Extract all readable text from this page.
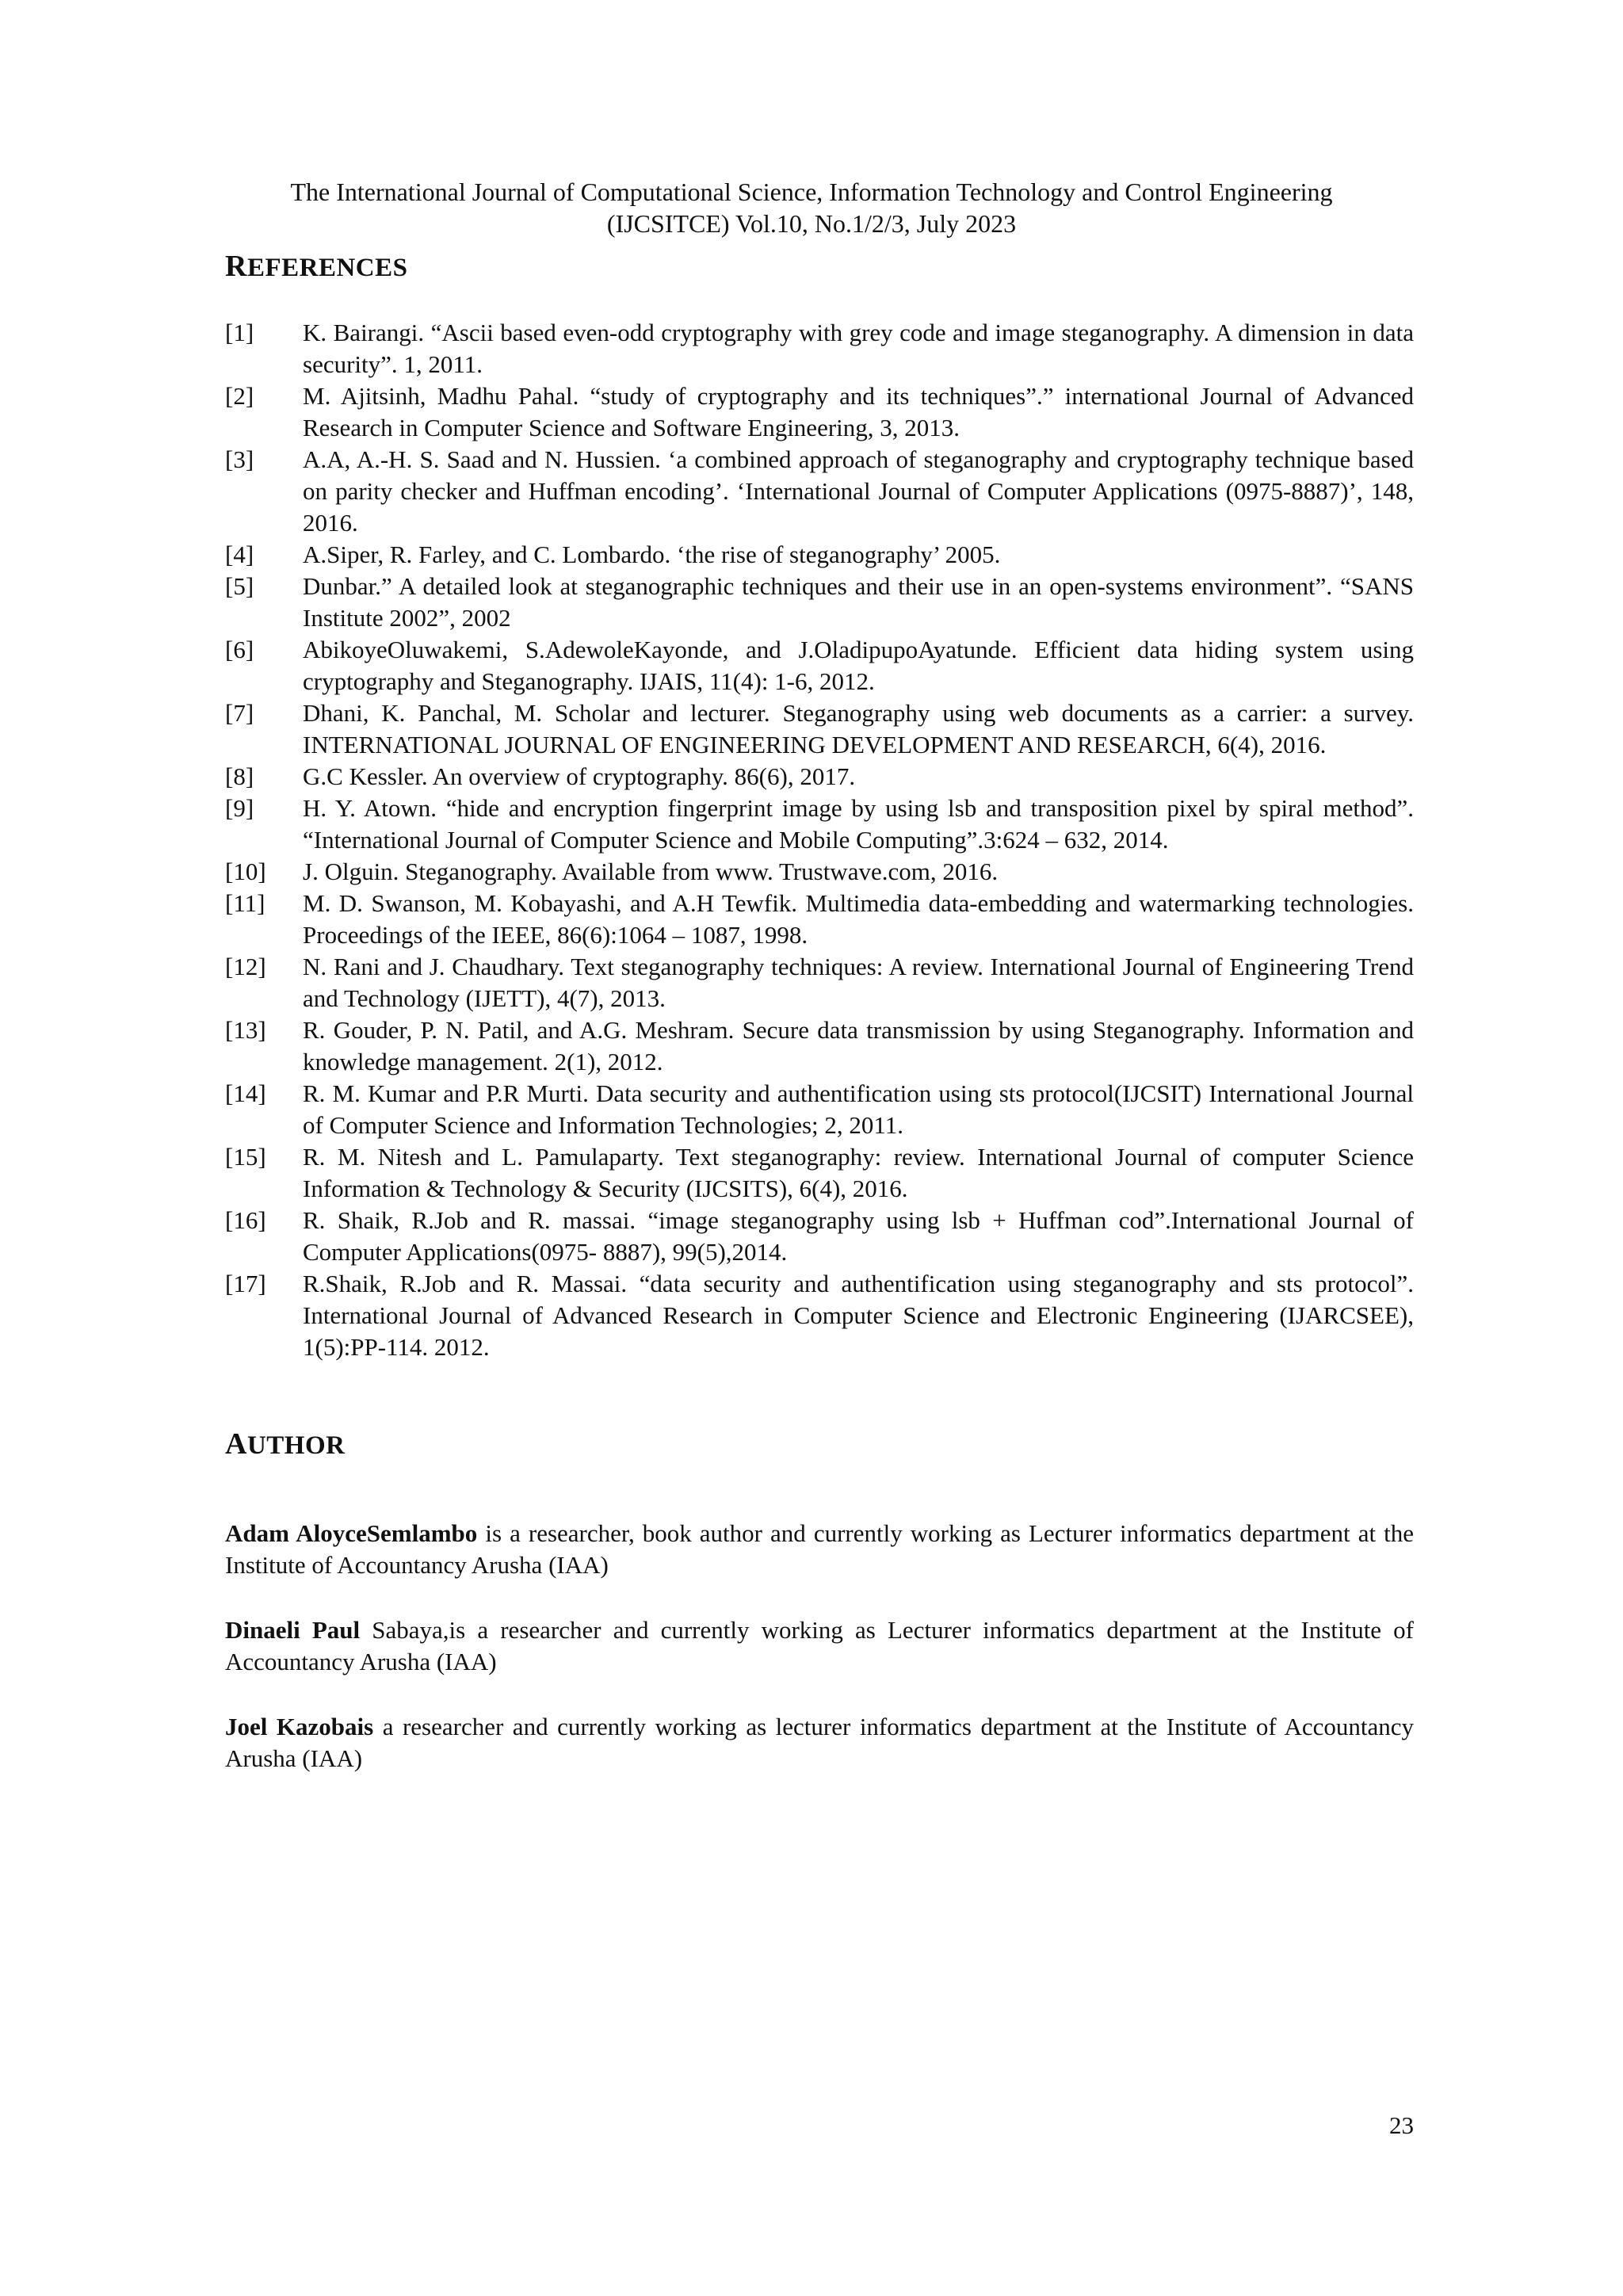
The International Journal of Computational Science, Information Technology and Control Engineering
(IJCSITCE) Vol.10, No.1/2/3, July 2023
REFERENCES
[1]	K. Bairangi. “Ascii based even-odd cryptography with grey code and image steganography. A dimension in data security”. 1, 2011.
[2]	M. Ajitsinh, Madhu Pahal. “study of cryptography and its techniques”.” international Journal of Advanced Research in Computer Science and Software Engineering, 3, 2013.
[3]	A.A, A.-H. S. Saad and N. Hussien. ‘a combined approach of steganography and cryptography technique based on parity checker and Huffman encoding’. ‘International Journal of Computer Applications (0975-8887)’, 148, 2016.
[4]	A.Siper, R. Farley, and C. Lombardo. ‘the rise of steganography’ 2005.
[5]	Dunbar.” A detailed look at steganographic techniques and their use in an open-systems environment”. “SANS Institute 2002”, 2002
[6]	AbikoyeOluwakemi, S.AdewoleKayonde, and J.OladipupoAyatunde. Efficient data hiding system using cryptography and Steganography. IJAIS, 11(4): 1-6, 2012.
[7]	Dhani, K. Panchal, M. Scholar and lecturer. Steganography using web documents as a carrier: a survey. INTERNATIONAL JOURNAL OF ENGINEERING DEVELOPMENT AND RESEARCH, 6(4), 2016.
[8]	G.C Kessler. An overview of cryptography. 86(6), 2017.
[9]	H. Y. Atown. “hide and encryption fingerprint image by using lsb and transposition pixel by spiral method”. “International Journal of Computer Science and Mobile Computing”.3:624 – 632, 2014.
[10]	J. Olguin. Steganography. Available from www. Trustwave.com, 2016.
[11]	M. D. Swanson, M. Kobayashi, and A.H Tewfik. Multimedia data-embedding and watermarking technologies. Proceedings of the IEEE, 86(6):1064 – 1087, 1998.
[12]	N. Rani and J. Chaudhary. Text steganography techniques: A review. International Journal of Engineering Trend and Technology (IJETT), 4(7), 2013.
[13]	R. Gouder, P. N. Patil, and A.G. Meshram. Secure data transmission by using Steganography. Information and knowledge management. 2(1), 2012.
[14]	R. M. Kumar and P.R Murti. Data security and authentification using sts protocol(IJCSIT) International Journal of Computer Science and Information Technologies; 2, 2011.
[15]	R. M. Nitesh and L. Pamulaparty. Text steganography: review. International Journal of computer Science Information & Technology & Security (IJCSITS), 6(4), 2016.
[16]	R. Shaik, R.Job and R. massai. “image steganography using lsb + Huffman cod”.International Journal of Computer Applications(0975- 8887), 99(5),2014.
[17]	R.Shaik, R.Job and R. Massai. “data security and authentification using steganography and sts protocol”. International Journal of Advanced Research in Computer Science and Electronic Engineering (IJARCSEE), 1(5):PP-114. 2012.
AUTHOR

Adam AloyceSemlambo is a researcher, book author and currently working as Lecturer informatics department at the Institute of Accountancy Arusha (IAA)

Dinaeli Paul Sabaya,is a researcher and currently working as Lecturer informatics department at the Institute of Accountancy Arusha (IAA)

Joel Kazobais a researcher and currently working as lecturer informatics department at the Institute of Accountancy Arusha (IAA)

23
